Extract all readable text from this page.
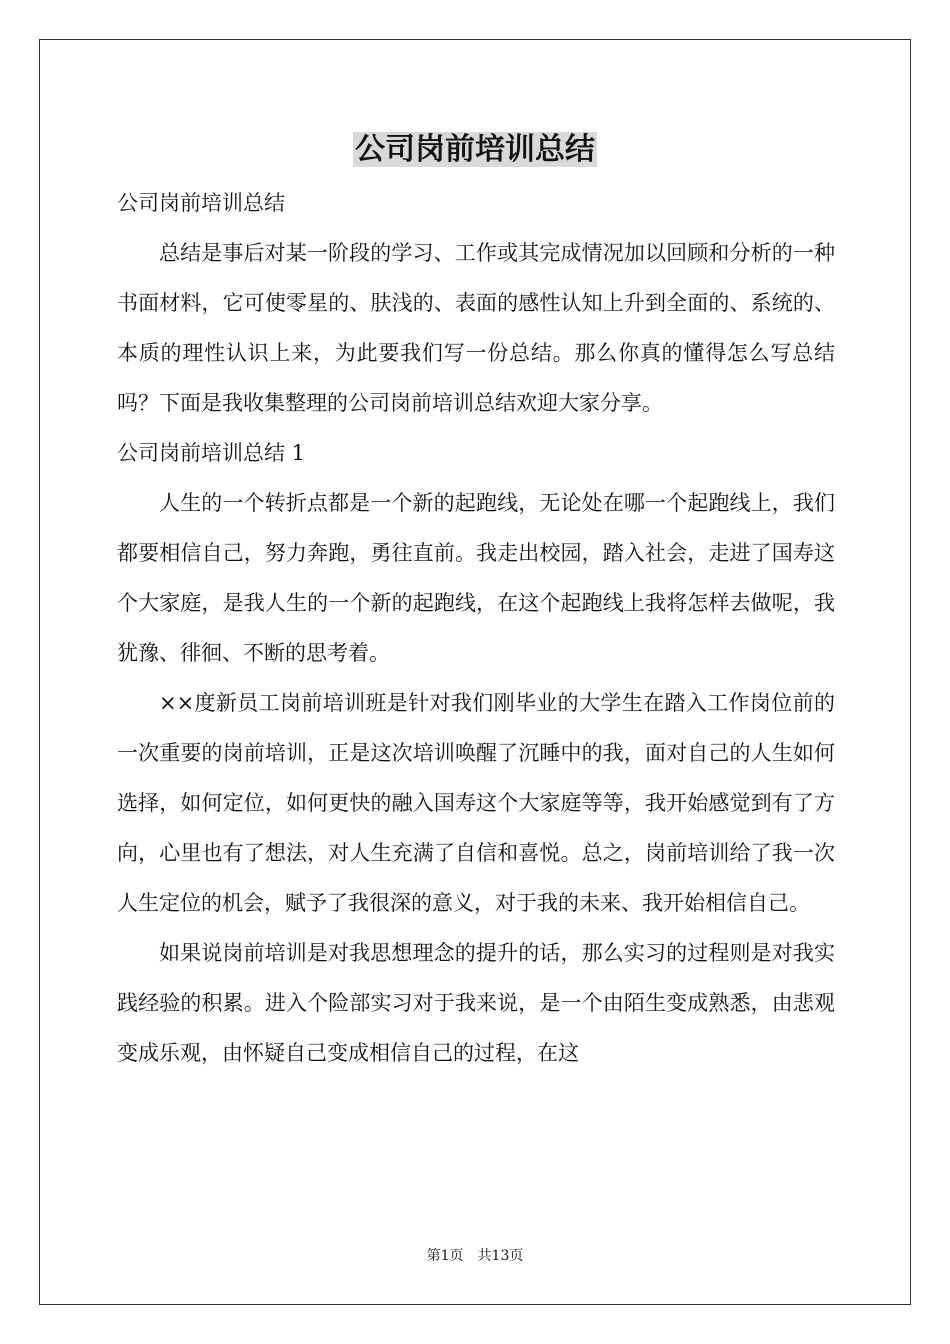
公司岗前培训总结

公司岗前培训总结

总结是事后对某一阶段的学习、工作或其完成情况加以回顾和分析的一种书面材料，它可使零星的、肤浅的、表面的感性认知上升到全面的、系统的、本质的理性认识上来，为此要我们写一份总结。那么你真的懂得怎么写总结吗？下面是我收集整理的公司岗前培训总结欢迎大家分享。

公司岗前培训总结 1

人生的一个转折点都是一个新的起跑线，无论处在哪一个起跑线上，我们都要相信自己，努力奔跑，勇往直前。我走出校园，踏入社会，走进了国寿这个大家庭，是我人生的一个新的起跑线，在这个起跑线上我将怎样去做呢，我犹豫、徘徊、不断的思考着。

××度新员工岗前培训班是针对我们刚毕业的大学生在踏入工作岗位前的一次重要的岗前培训，正是这次培训唤醒了沉睡中的我，面对自己的人生如何选择，如何定位，如何更快的融入国寿这个大家庭等等，我开始感觉到有了方向，心里也有了想法，对人生充满了自信和喜悦。总之，岗前培训给了我一次人生定位的机会，赋予了我很深的意义，对于我的未来、我开始相信自己。

如果说岗前培训是对我思想理念的提升的话，那么实习的过程则是对我实践经验的积累。进入个险部实习对于我来说，是一个由陌生变成熟悉，由悲观变成乐观，由怀疑自己变成相信自己的过程，在这

第1页 共13页
